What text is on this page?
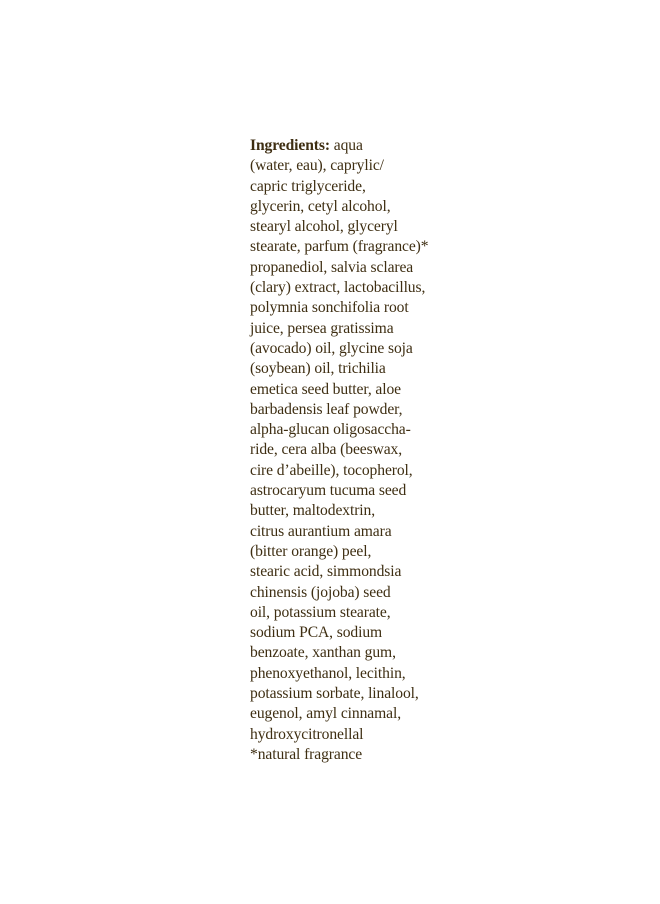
Ingredients: aqua
(water, eau), caprylic/
capric triglyceride,
glycerin, cetyl alcohol,
stearyl alcohol, glyceryl
stearate, parfum (fragrance)*
propanediol, salvia sclarea
(clary) extract, lactobacillus,
polymnia sonchifolia root
juice, persea gratissima
(avocado) oil, glycine soja
(soybean) oil, trichilia
emetica seed butter, aloe
barbadensis leaf powder,
alpha-glucan oligosaccha-
ride, cera alba (beeswax,
cire d’abeille), tocopherol,
astrocaryum tucuma seed
butter, maltodextrin,
citrus aurantium amara
(bitter orange) peel,
stearic acid, simmondsia
chinensis (jojoba) seed
oil, potassium stearate,
sodium PCA, sodium
benzoate, xanthan gum,
phenoxyethanol, lecithin,
potassium sorbate, linalool,
eugenol, amyl cinnamal,
hydroxycitronellal
*natural fragrance
